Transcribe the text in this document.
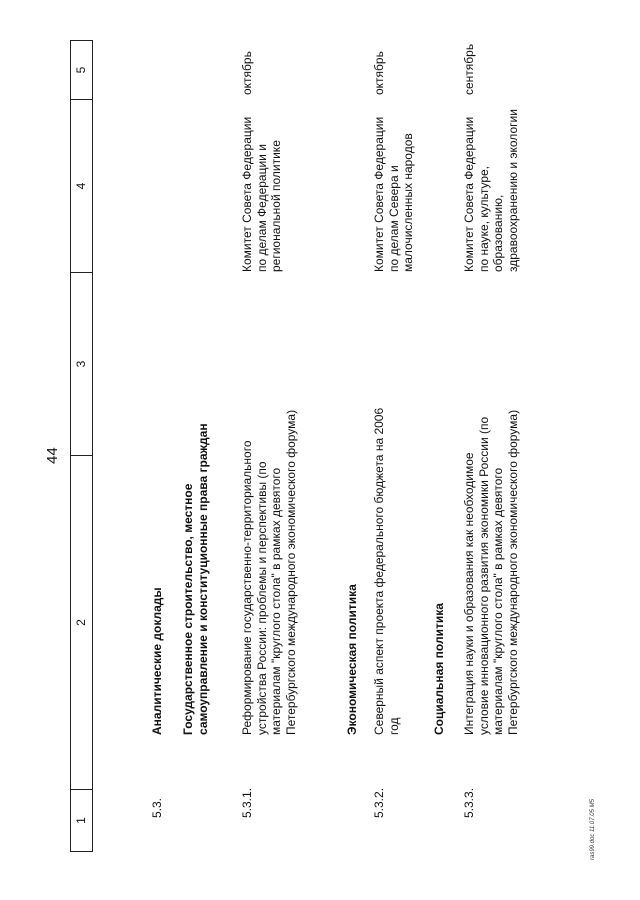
44
1
2
3
4
5
5.3.
Аналитические доклады Государственное строительство, местное самоуправление и конституционные права граждан
5.3.1.
Реформирование государственно-территориального устройства России: проблемы и перспективы (по материалам "круглого стола" в рамках девятого Петербургского международного экономического форума)
Комитет Совета Федерации по делам Федерации и региональной политике
октябрь
Экономическая политика
5.3.2.
Северный аспект проекта федерального бюджета на 2006 год
Комитет Совета Федерации по делам Севера и малочисленных народов
октябрь
Социальная политика
5.3.3.
Интеграция науки и образования как необходимое условие инновационного развития экономики России (по материалам "круглого стола" в рамках девятого Петербургского международного экономического форума)
Комитет Совета Федерации по науке, культуре, образованию, здравоохранению и экологии
сентябрь
ras99.doc 11.07.05 M5
